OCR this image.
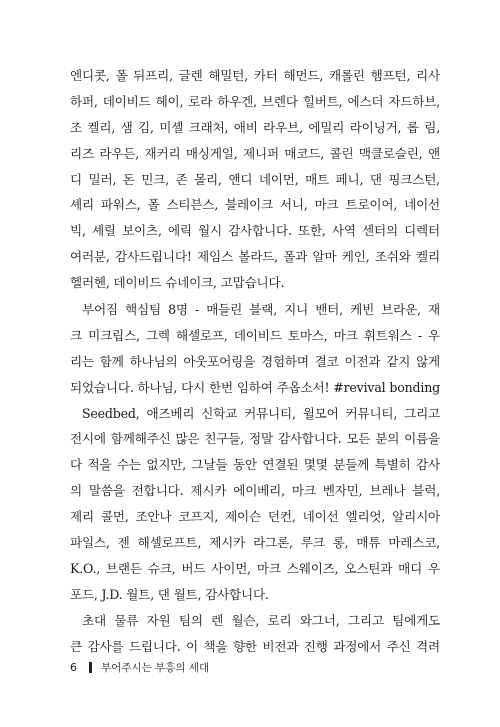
엔디콧, 폴 뒤프리, 글렌 해밀턴, 카터 해먼드, 캐롤린 햄프턴, 리사
하퍼, 데이비드 헤이, 로라 하우겐, 브렌다 힐버트, 에스더 자드하브,
조 켈리, 샘 김, 미셸 크래처, 애비 라우브, 에밀리 라이닝거, 롭 림,
리즈 라우든, 재커리 매싱게일, 제니퍼 매코드, 콜린 맥클로슬린, 앤
디 밀러, 돈 민크, 존 몰리, 앤디 네이먼, 매트 페니, 댄 핑크스턴,
셰리 파워스, 폴 스티븐스, 블레이크 서니, 마크 트로이어, 네이선
빅, 셰릴 보이츠, 에릭 월시 감사합니다. 또한, 사역 센터의 디렉터
여러분, 감사드립니다! 제임스 볼라드, 폴과 알마 케인, 조쉬와 켈리
헬러헨, 데이비드 슈네이크, 고맙습니다.
부어짐 핵심팀 8명 - 매들린 블랙, 지니 밴터, 케빈 브라운, 재
크 미크립스, 그렉 해셀로프, 데이비드 토마스, 마크 휘트워스 - 우
리는 함께 하나님의 아웃포어링을 경험하며 결코 이전과 같지 않게
되었습니다. 하나님, 다시 한번 임하여 주옵소서! #revival bonding
Seedbed, 애즈베리 신학교 커뮤니티, 윌모어 커뮤니티, 그리고
전시에 함께해주신 많은 친구들, 정말 감사합니다. 모든 분의 이름을
다 적을 수는 없지만, 그날들 동안 연결된 몇몇 분들께 특별히 감사
의 말씀을 전합니다. 제시카 에이베리, 마크 벤자민, 브레나 블럭,
제리 콜먼, 조안나 코프지, 제이슨 던컨, 네이선 엘리엇, 알리시아
파일스, 젠 해셀로프트, 제시카 라그론, 루크 롱, 매튜 마레스코,
K.O., 브랜든 슈크, 버드 사이먼, 마크 스웨이즈, 오스틴과 매디 우
포드, J.D. 월트, 댄 월트, 감사합니다.
초대 물류 자원 팀의 렌 월슨, 로리 와그너, 그리고 팀에게도
큰 감사를 드립니다. 이 책을 향한 비전과 진행 과정에서 주신 격려
6 부어주시는 부흥의 세대
